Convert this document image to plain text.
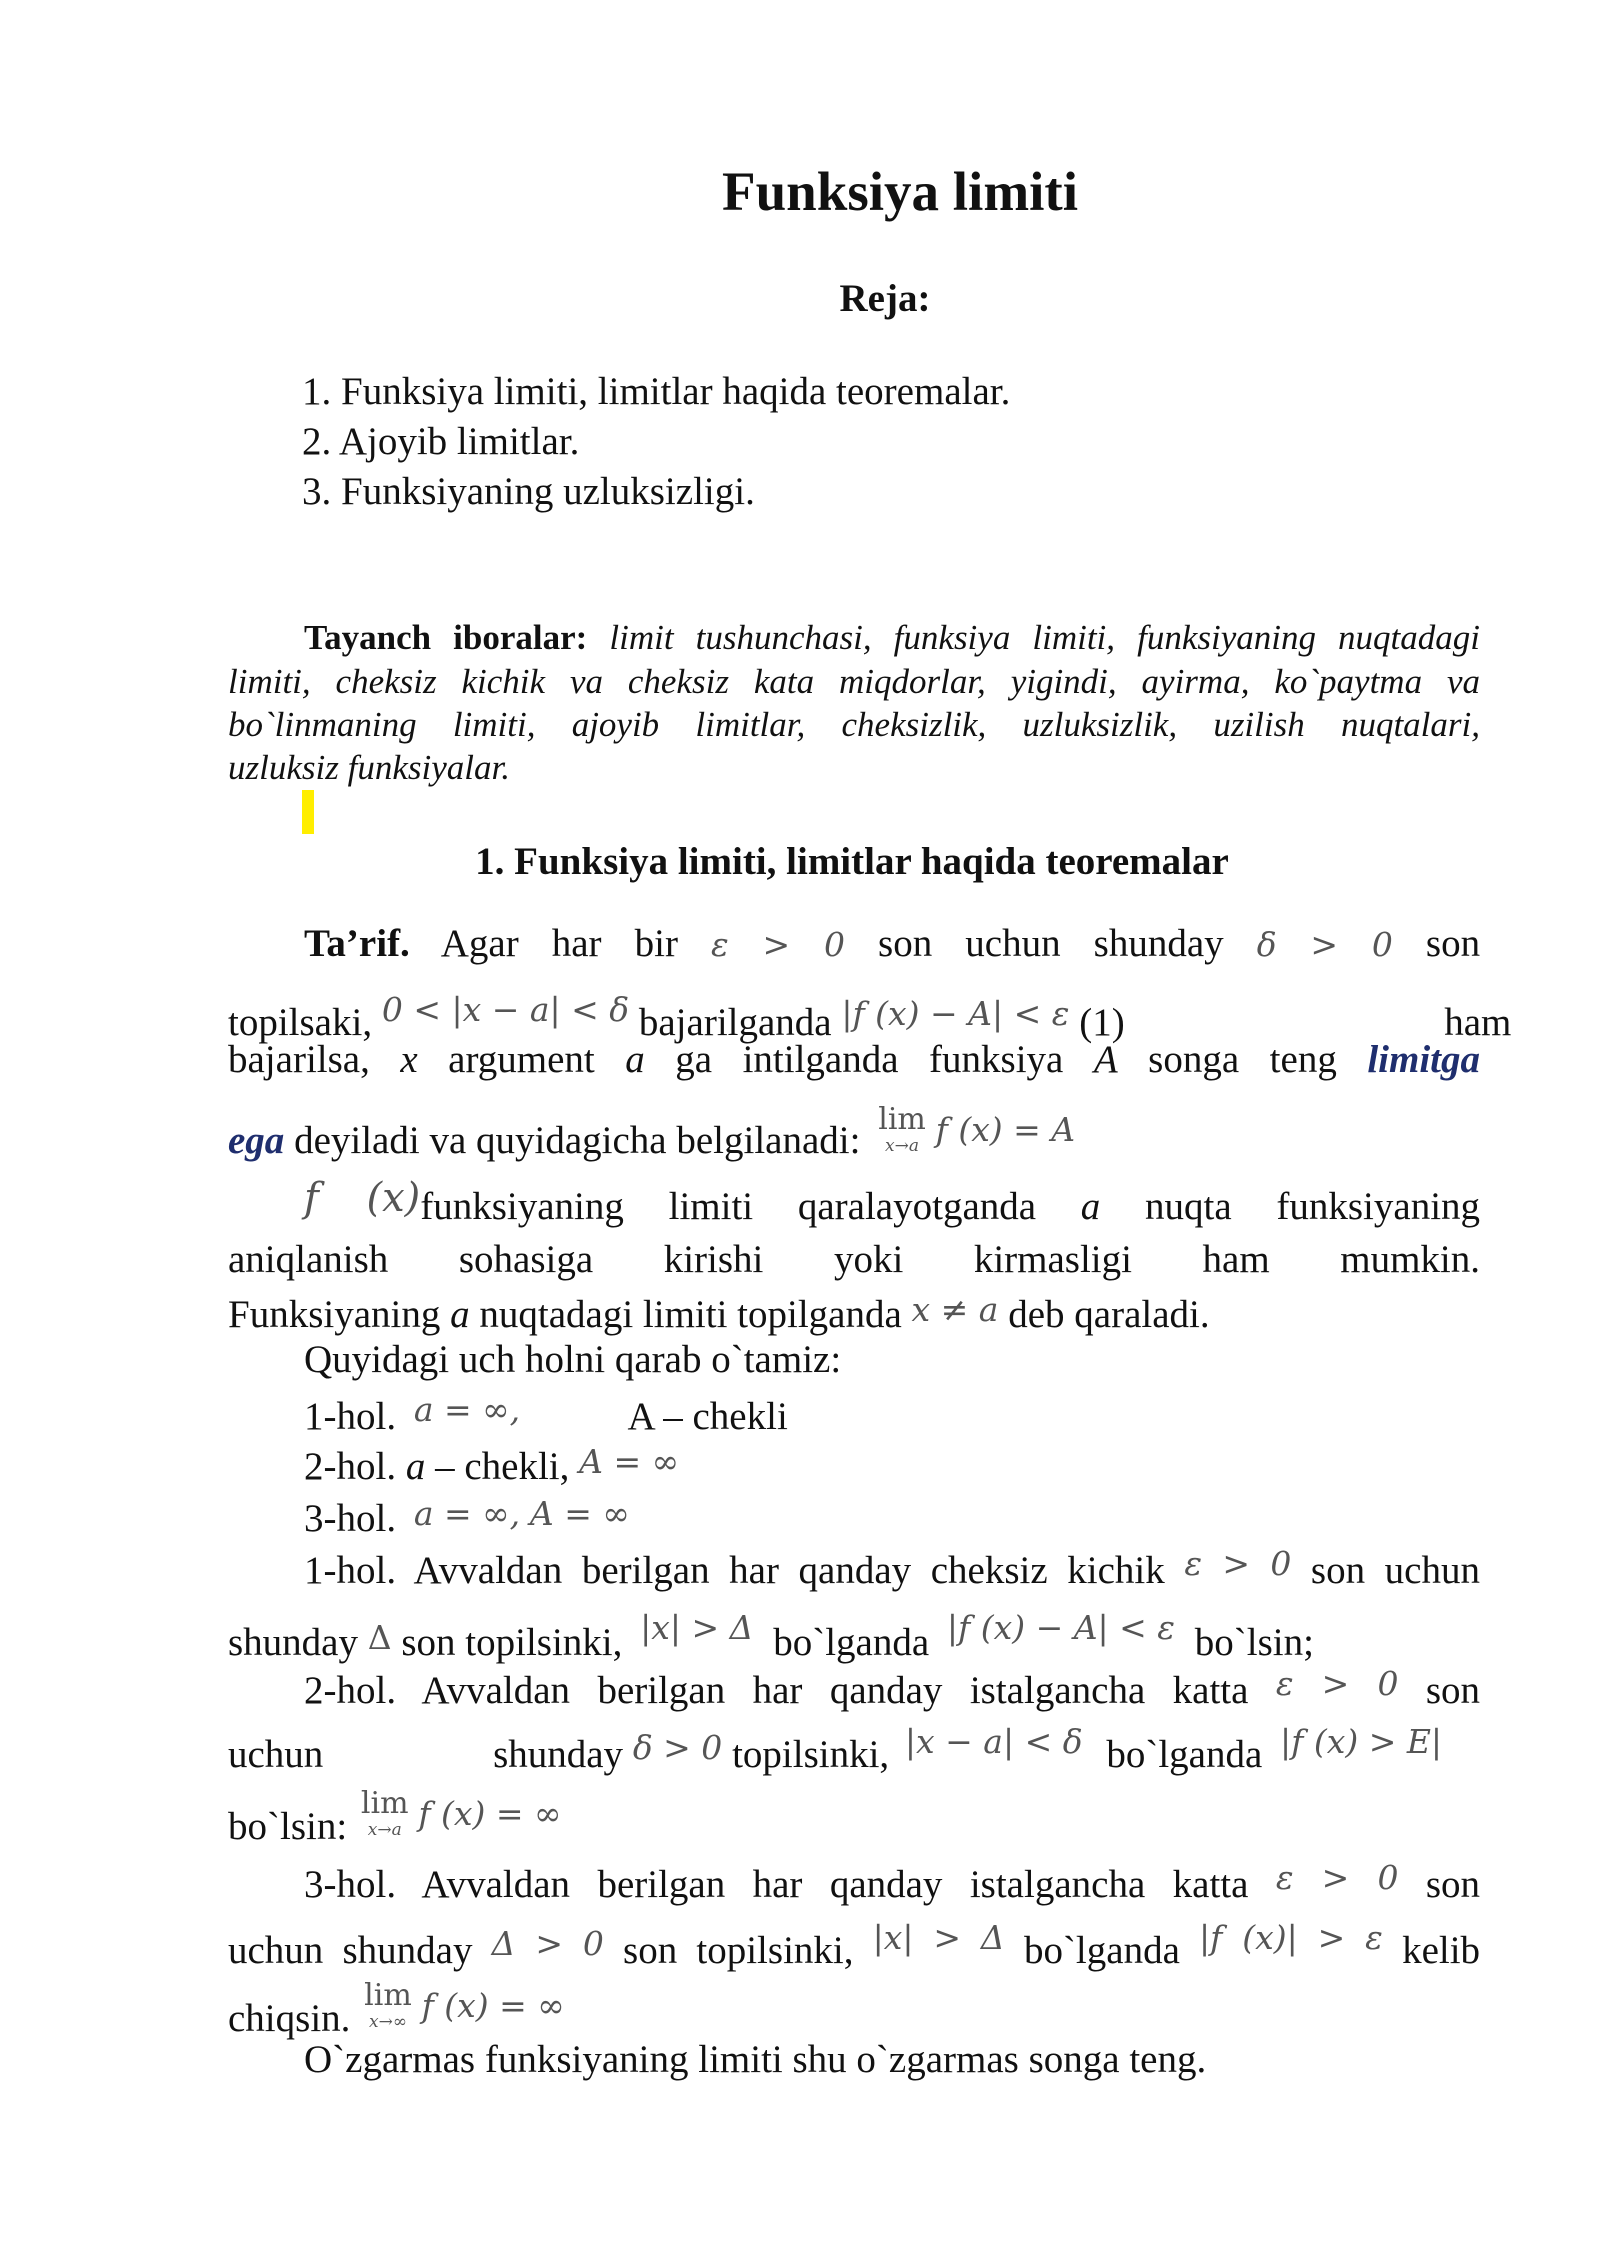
Funksiya limiti
Reja:
1. Funksiya limiti, limitlar haqida teoremalar.
2. Ajoyib limitlar.
3. Funksiyaning uzluksizligi.
Tayanch iboralar: limit tushunchasi, funksiya limiti, funksiyaning nuqtadagi
limiti, cheksiz kichik va cheksiz kata miqdorlar, yigindi, ayirma, ko`paytma va
bo`linmaning limiti, ajoyib limitlar, cheksizlik, uzluksizlik, uzilish nuqtalari,
uzluksiz funksiyalar.
1. Funksiya limiti, limitlar haqida teoremalar
Ta’rif. Agar har bir ε > 0 son uchun shunday δ > 0 son
topilsaki, $^{0 < |x - a| < \delta}$ bajarilganda $^{|f (x) - A| < \varepsilon}$ (1)	ham
bajarilsa, x argument a ga intilganda funksiya A songa teng limitga
ega deyiladi va quyidagicha belgilanadi: lim
x→a $^{f (x) = A}$
f (x)funksiyaning limiti qaralayotganda a nuqta funksiyaning
aniqlanish sohasiga kirishi yoki kirmasligi ham mumkin.
Funksiyaning a nuqtadagi limiti topilganda x ≠ a deb qaraladi.
Quyidagi uch holni qarab o`tamiz:
1-hol. $^{a = \infty,}$	A – chekli
2-hol. a – chekli, A = ∞
3-hol. a = ∞, A = ∞
1-hol. Avvaldan berilgan har qanday cheksiz kichik $^{\varepsilon > 0}$ son uchun
shunday Δ son topilsinki, $^{|x| > \Delta}$ bo`lganda $^{|f (x) - A| < \varepsilon}$ bo`lsin;
2-hol. Avvaldan berilgan har qanday istalgancha katta $^{\varepsilon > 0}$ son
uchun	shunday $^{\delta > 0}$ topilsinki, $^{|x - a| < \delta}$ bo`lganda $^{|f (x) > E|}$
bo`lsin:
lim
x→a $^{f (x) = \infty}$
3-hol. Avvaldan berilgan har qanday istalgancha katta $^{\varepsilon > 0}$ son
uchun shunday $^{\Delta > 0}$ son topilsinki, $^{|x| > \Delta}$ bo`lganda $^{|f (x)| > \varepsilon}$ kelib
chiqsin.
lim
x→∞ $^{f (x) = \infty}$
O`zgarmas funksiyaning limiti shu o`zgarmas songa teng.
